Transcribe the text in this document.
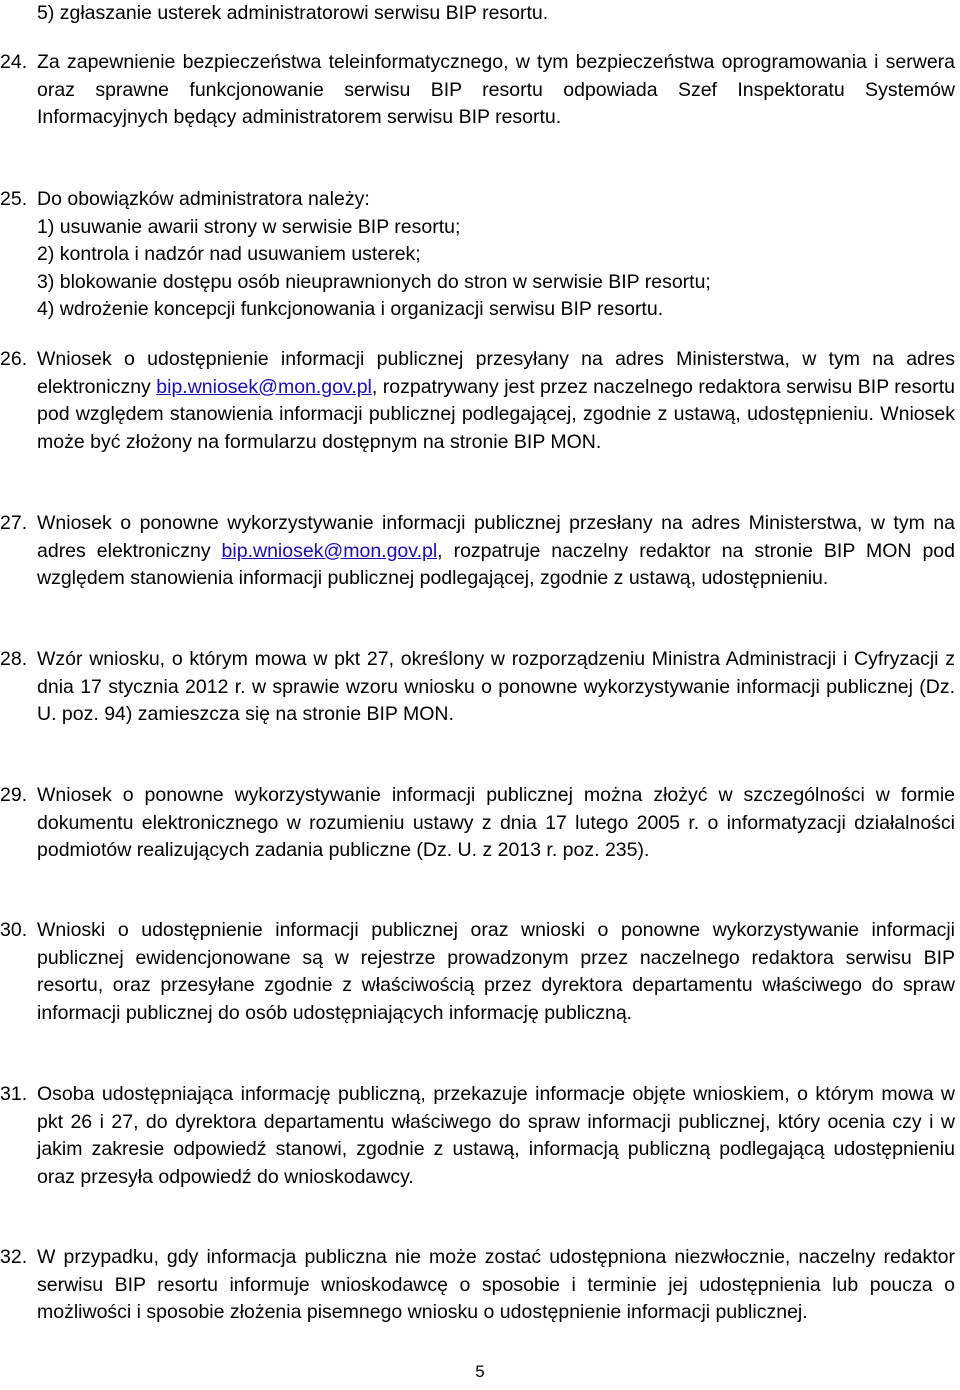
5) zgłaszanie usterek administratorowi serwisu BIP resortu.

24. Za zapewnienie bezpieczeństwa teleinformatycznego, w tym bezpieczeństwa oprogramowania i serwera oraz sprawne funkcjonowanie serwisu BIP resortu odpowiada Szef Inspektoratu Systemów Informacyjnych będący administratorem serwisu BIP resortu.

25. Do obowiązków administratora należy:

1) usuwanie awarii strony w serwisie BIP resortu;

2) kontrola i nadzór nad usuwaniem usterek;

3) blokowanie dostępu osób nieuprawnionych do stron w serwisie BIP resortu;

4) wdrożenie koncepcji funkcjonowania i organizacji serwisu BIP resortu.

26. Wniosek o udostępnienie informacji publicznej przesyłany na adres Ministerstwa, w tym na adres elektroniczny bip.wniosek@mon.gov.pl, rozpatrywany jest przez naczelnego redaktora serwisu BIP resortu pod względem stanowienia informacji publicznej podlegającej, zgodnie z ustawą, udostępnieniu. Wniosek może być złożony na formularzu dostępnym na stronie BIP MON.

27. Wniosek o ponowne wykorzystywanie informacji publicznej przesłany na adres Ministerstwa, w tym na adres elektroniczny bip.wniosek@mon.gov.pl, rozpatruje naczelny redaktor na stronie BIP MON pod względem stanowienia informacji publicznej podlegającej, zgodnie z ustawą, udostępnieniu.

28. Wzór wniosku, o którym mowa w pkt 27, określony w rozporządzeniu Ministra Administracji i Cyfryzacji z dnia 17 stycznia 2012 r. w sprawie wzoru wniosku o ponowne wykorzystywanie informacji publicznej (Dz. U. poz. 94) zamieszcza się na stronie BIP MON.

29. Wniosek o ponowne wykorzystywanie informacji publicznej można złożyć w szczególności w formie dokumentu elektronicznego w rozumieniu ustawy z dnia 17 lutego 2005 r. o informatyzacji działalności podmiotów realizujących zadania publiczne (Dz. U. z 2013 r. poz. 235).

30. Wnioski o udostępnienie informacji publicznej oraz wnioski o ponowne wykorzystywanie informacji publicznej ewidencjonowane są w rejestrze prowadzonym przez naczelnego redaktora serwisu BIP resortu, oraz przesyłane zgodnie z właściwością przez dyrektora departamentu właściwego do spraw informacji publicznej do osób udostępniających informację publiczną.

31. Osoba udostępniająca informację publiczną, przekazuje informacje objęte wnioskiem, o którym mowa w pkt 26 i 27, do dyrektora departamentu właściwego do spraw informacji publicznej, który ocenia czy i w jakim zakresie odpowiedź stanowi, zgodnie z ustawą, informacją publiczną podlegającą udostępnieniu oraz przesyła odpowiedź do wnioskodawcy.

32. W przypadku, gdy informacja publiczna nie może zostać udostępniona niezwłocznie, naczelny redaktor serwisu BIP resortu informuje wnioskodawcę o sposobie i terminie jej udostępnienia lub poucza o możliwości i sposobie złożenia pisemnego wniosku o udostępnienie informacji publicznej.

5
